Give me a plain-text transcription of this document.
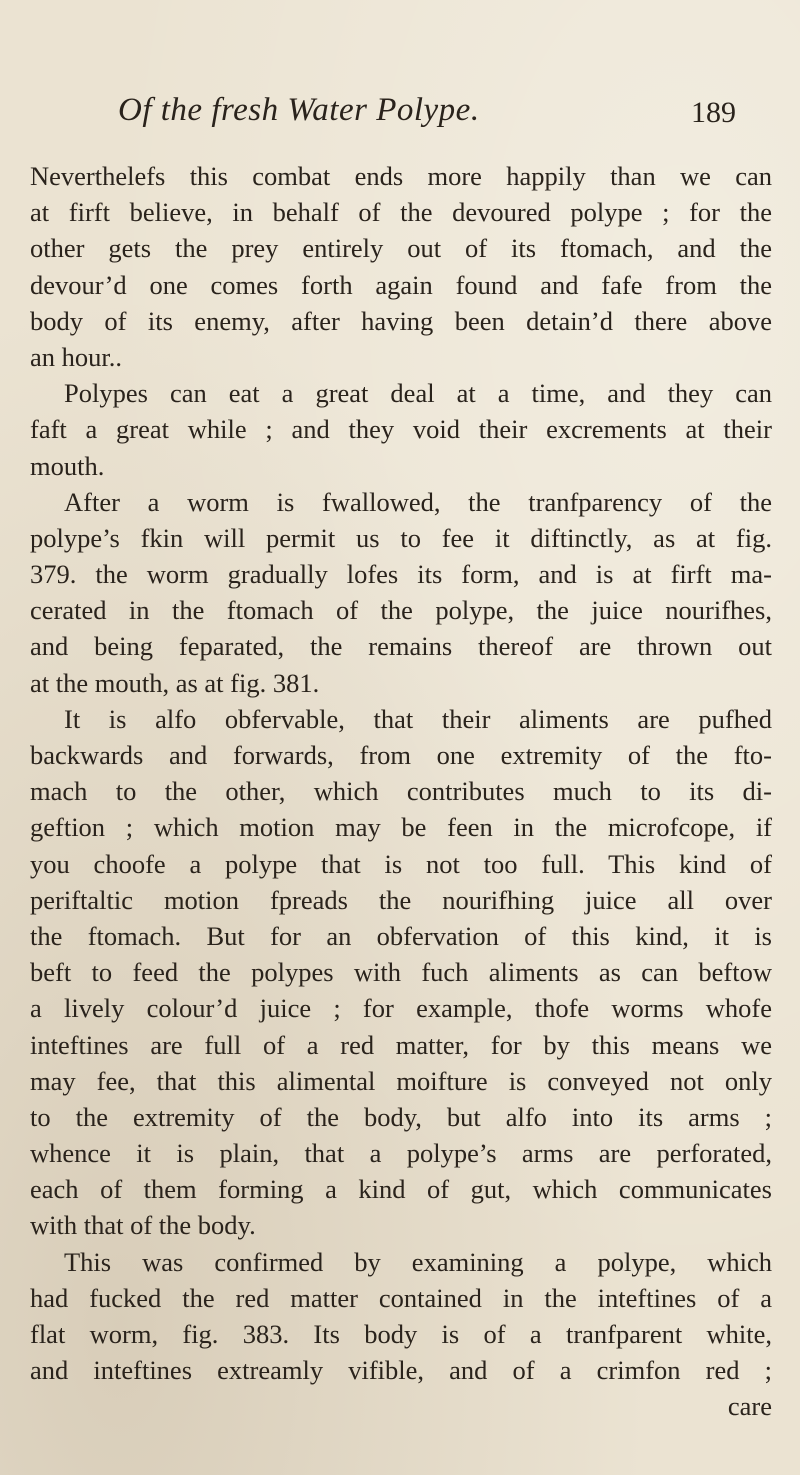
Of the fresh Water Polype.	189
Neverthelefs this combat ends more happily than we can
at firft believe, in behalf of the devoured polype ; for the
other gets the prey entirely out of its ftomach, and the
devour’d one comes forth again found and fafe from the
body of its enemy, after having been detain’d there above
an hour..
Polypes can eat a great deal at a time, and they can
faft a great while ; and they void their excrements at their
mouth.
After a worm is fwallowed, the tranfparency of the
polype’s fkin will permit us to fee it diftinctly, as at fig.
379. the worm gradually lofes its form, and is at firft ma-
cerated in the ftomach of the polype, the juice nourifhes,
and being feparated, the remains thereof are thrown out
at the mouth, as at fig. 381.
It is alfo obfervable, that their aliments are pufhed
backwards and forwards, from one extremity of the fto-
mach to the other, which contributes much to its di-
geftion ; which motion may be feen in the microfcope, if
you choofe a polype that is not too full. This kind of
periftaltic motion fpreads the nourifhing juice all over
the ftomach. But for an obfervation of this kind, it is
beft to feed the polypes with fuch aliments as can beftow
a lively colour’d juice ; for example, thofe worms whofe
inteftines are full of a red matter, for by this means we
may fee, that this alimental moifture is conveyed not only
to the extremity of the body, but alfo into its arms ;
whence it is plain, that a polype’s arms are perforated,
each of them forming a kind of gut, which communicates
with that of the body.
This was confirmed by examining a polype, which
had fucked the red matter contained in the inteftines of a
flat worm, fig. 383. Its body is of a tranfparent white,
and inteftines extreamly vifible, and of a crimfon red ;
care
